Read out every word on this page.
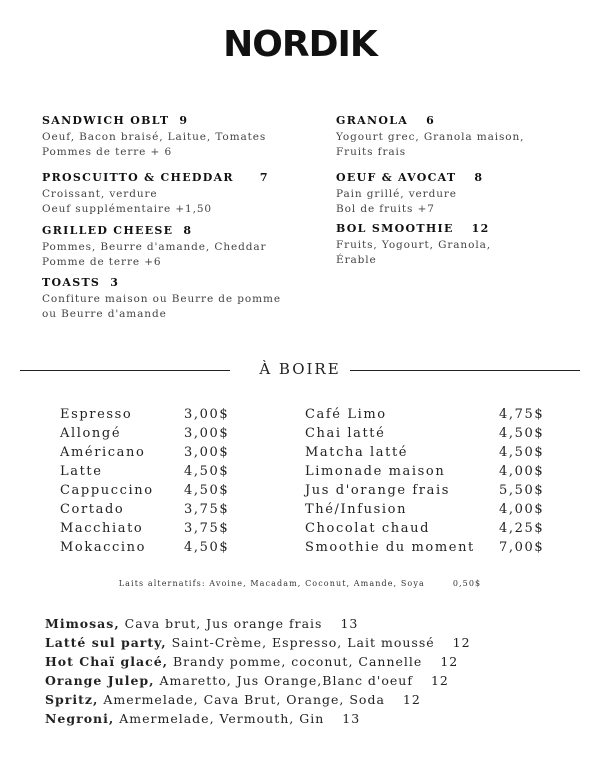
NORDIK
SANDWICH OBLT 9
Oeuf, Bacon braisé, Laitue, Tomates
Pommes de terre + 6
PROSCUITTO & CHEDDAR 7
Croissant, verdure
Oeuf supplémentaire +1,50
GRILLED CHEESE 8
Pommes, Beurre d'amande, Cheddar
Pomme de terre +6
TOASTS 3
Confiture maison ou Beurre de pomme
ou Beurre d'amande
GRANOLA 6
Yogourt grec, Granola maison,
Fruits frais
OEUF & AVOCAT 8
Pain grillé, verdure
Bol de fruits +7
BOL SMOOTHIE 12
Fruits, Yogourt, Granola,
Érable
À BOIRE
Espresso	3,00$
Allongé	3,00$
Américano	3,00$
Latte	4,50$
Cappuccino 4,50$
Cortado	3,75$
Macchiato	3,75$
Mokaccino	4,50$
Café Limo	4,75$
Chai latté	4,50$
Matcha latté	4,50$
Limonade maison	4,00$
Jus d'orange frais	5,50$
Thé/Infusion	4,00$
Chocolat chaud	4,25$
Smoothie du moment 7,00$
Laits alternatifs: Avoine, Macadam, Coconut, Amande, Soya	0,50$
Mimosas, Cava brut, Jus orange frais 13
Latté sul party, Saint-Crème, Espresso, Lait moussé 12
Hot Chaï glacé, Brandy pomme, coconut, Cannelle 12
Orange Julep, Amaretto, Jus Orange,Blanc d'oeuf 12
Spritz, Amermelade, Cava Brut, Orange, Soda 12
Negroni, Amermelade, Vermouth, Gin 13
